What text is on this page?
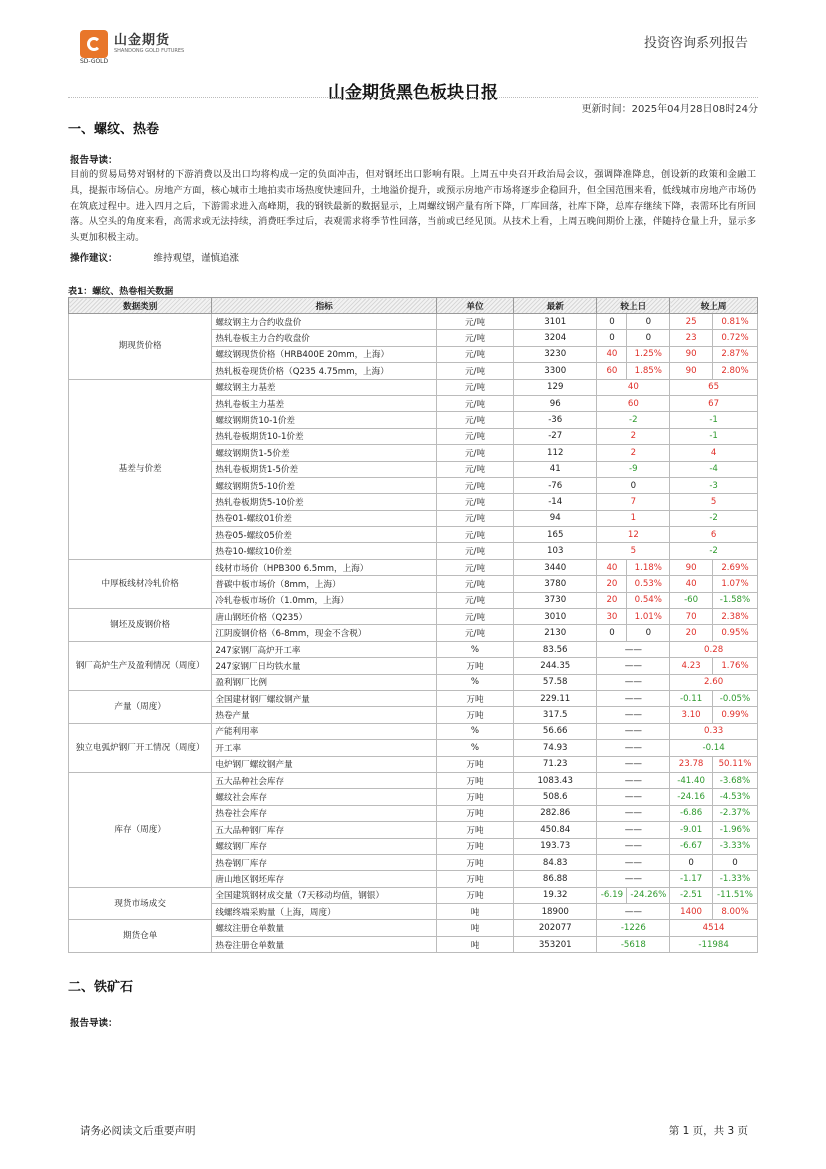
山金期货
SHANDONG GOLD FUTURES
SD-GOLD
投资咨询系列报告
山金期货黑色板块日报
更新时间：2025年04月28日08时24分
一、螺纹、热卷
报告导读：
目前的贸易局势对钢材的下游消费以及出口均将构成一定的负面冲击，但对钢坯出口影响有限。上周五中央召开政治局会议，强调降准降息，创设新的政策和金融工具，提振市场信心。房地产方面，核心城市土地拍卖市场热度快速回升，土地溢价提升，或预示房地产市场将逐步企稳回升，但全国范围来看，低线城市房地产市场仍在筑底过程中。进入四月之后，下游需求进入高峰期，我的钢铁最新的数据显示，上周螺纹钢产量有所下降，厂库回落，社库下降，总库存继续下降，表需环比有所回落。从空头的角度来看，高需求或无法持续，消费旺季过后，表观需求将季节性回落，当前或已经见顶。从技术上看，上周五晚间期价上涨，伴随持仓量上升，显示多头更加积极主动。
操作建议：	维持观望，谨慎追涨
表1：螺纹、热卷相关数据
数据类别	指标	单位	最新	较上日		较上周	
期现货价格	螺纹钢主力合约收盘价	元/吨	3101	0	0	25	0.81%
	热轧卷板主力合约收盘价	元/吨	3204	0	0	23	0.72%
	螺纹钢现货价格（HRB400E 20mm，上海）	元/吨	3230	40	1.25%	90	2.87%
	热轧板卷现货价格（Q235 4.75mm，上海）	元/吨	3300	60	1.85%	90	2.80%
基差与价差	螺纹钢主力基差	元/吨	129	40		65	
	热轧卷板主力基差	元/吨	96	60		67	
	螺纹钢期货10-1价差	元/吨	-36	-2		-1	
	热轧卷板期货10-1价差	元/吨	-27	2		-1	
	螺纹钢期货1-5价差	元/吨	112	2		4	
	热轧卷板期货1-5价差	元/吨	41	-9		-4	
	螺纹钢期货5-10价差	元/吨	-76	0		-3	
	热轧卷板期货5-10价差	元/吨	-14	7		5	
	热卷01-螺纹01价差	元/吨	94	1		-2	
	热卷05-螺纹05价差	元/吨	165	12		6	
	热卷10-螺纹10价差	元/吨	103	5		-2	
中厚板线材冷轧价格	线材市场价（HPB300 6.5mm，上海）	元/吨	3440	40	1.18%	90	2.69%
	普碳中板市场价（8mm，上海）	元/吨	3780	20	0.53%	40	1.07%
	冷轧卷板市场价（1.0mm，上海）	元/吨	3730	20	0.54%	-60	-1.58%
钢坯及废钢价格	唐山钢坯价格（Q235）	元/吨	3010	30	1.01%	70	2.38%
	江阴废钢价格（6-8mm，现金不含税）	元/吨	2130	0	0	20	0.95%
钢厂高炉生产及盈利情况（周度）	247家钢厂高炉开工率	%	83.56	——		0.28	
	247家钢厂日均铁水量	万吨	244.35	——		4.23	1.76%
	盈利钢厂比例	%	57.58	——		2.60	
产量（周度）	全国建材钢厂螺纹钢产量	万吨	229.11	——		-0.11	-0.05%
	热卷产量	万吨	317.5	——		3.10	0.99%
独立电弧炉钢厂开工情况（周度）	产能利用率	%	56.66	——		0.33	
	开工率	%	74.93	——		-0.14	
	电炉钢厂螺纹钢产量	万吨	71.23	——		23.78	50.11%
库存（周度）	五大品种社会库存	万吨	1083.43	——		-41.40	-3.68%
	螺纹社会库存	万吨	508.6	——		-24.16	-4.53%
	热卷社会库存	万吨	282.86	——		-6.86	-2.37%
	五大品种钢厂库存	万吨	450.84	——		-9.01	-1.96%
	螺纹钢厂库存	万吨	193.73	——		-6.67	-3.33%
	热卷钢厂库存	万吨	84.83	——		0	0
	唐山地区钢坯库存	万吨	86.88	——		-1.17	-1.33%
现货市场成交	全国建筑钢材成交量（7天移动均值，钢银）	万吨	19.32	-6.19	-24.26%	-2.51	-11.51%
	线螺终端采购量（上海，周度）	吨	18900	——		1400	8.00%
期货仓单	螺纹注册仓单数量	吨	202077	-1226		4514	
	热卷注册仓单数量	吨	353201	-5618		-11984	
二、铁矿石
报告导读：
请务必阅读文后重要声明	第 1 页，共 3 页
